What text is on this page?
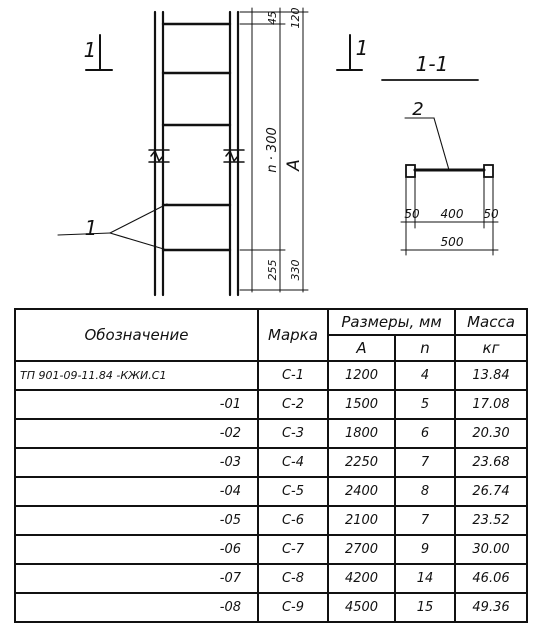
1	1
1-1
2
1
45 120
n · 300 A
255 330
50 400 50
500
Обозначение	Марка	Размеры, мм		Масса
		A	n	кг
ТП 901-09-11.84 -КЖИ.С1	С-1	1200	4	13.84
-01	С-2	1500	5	17.08
-02	С-3	1800	6	20.30
-03	С-4	2250	7	23.68
-04	С-5	2400	8	26.74
-05	С-6	2100	7	23.52
-06	С-7	2700	9	30.00
-07	С-8	4200	14	46.06
-08	С-9	4500	15	49.36
